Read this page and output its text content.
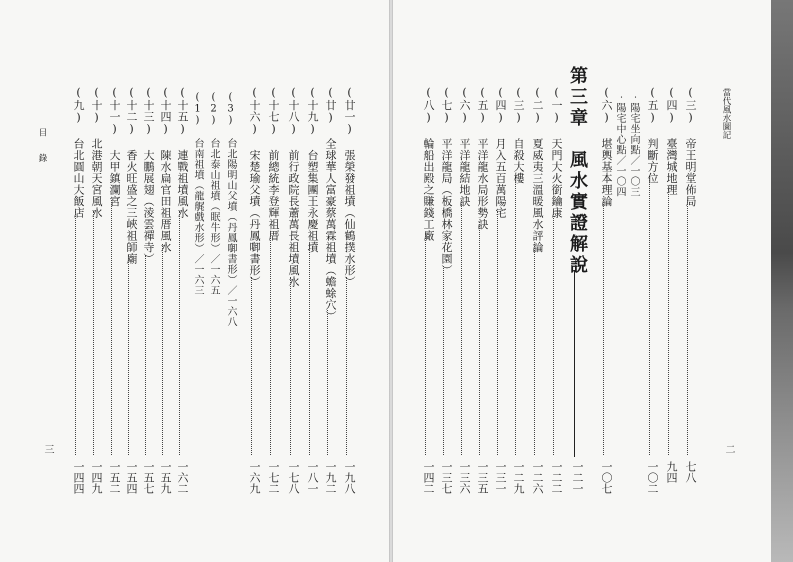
目　　錄
三
(九) 台北圓山大飯店
一四四
(十) 北港朝天宮風水
一四九
(十一) 大甲鎮瀾宮
一五二
(十二) 香火旺盛之三峽祖師廟
一五四
(十三) 大鵬展翅（淩雲禪寺）
一五七
(十四) 陳水扁官田祖厝風水
一五九
(十五) 連戰祖墳風水
一六二
(1) 台南祖墳（龍艉戲水形）／一六三 (2) 台北泰山祖墳（眠牛形）／一六五 (3) 台北陽明山父墳（丹鳳啣書形）／一六八 (十六) 宋楚瑜父墳（丹鳳啣書形）
一六九
(十七) 前總統李登輝祖厝
一七二
(十八) 前行政院長蕭萬長祖墳風水
一七八
(十九) 台塑集團王永慶祖墳
一八一
(廿) 全球華人富豪蔡萬霖祖墳（蟾蜍穴）
一九二
(廿一) 張榮發祖墳（仙鶴撲水形）
一九八
當代風水圖記
二
(三) 帝王明堂佈局
七八
(四) 臺灣城地理
九四
(五) 判斷方位
一〇二
‧陽宅坐向點／一〇三
‧陽宅中心點／一〇四
(六) 堪輿基本理論
一〇七
第三章　風水實證解說
一二一
(一) 天門大火銜鑰康
一二二
(二) 夏威夷三溫暖風水評論
一二六
(三) 自殺大樓
一二九
(四) 月入五百萬陽宅
一三一
(五) 平洋龍水局形勢訣
一三五
(六) 平洋龍結地訣
一三六
(七) 平洋龍局（板橋林家花園）
一三七
(八) 輪船出殿之賺錢工廠
一四二
